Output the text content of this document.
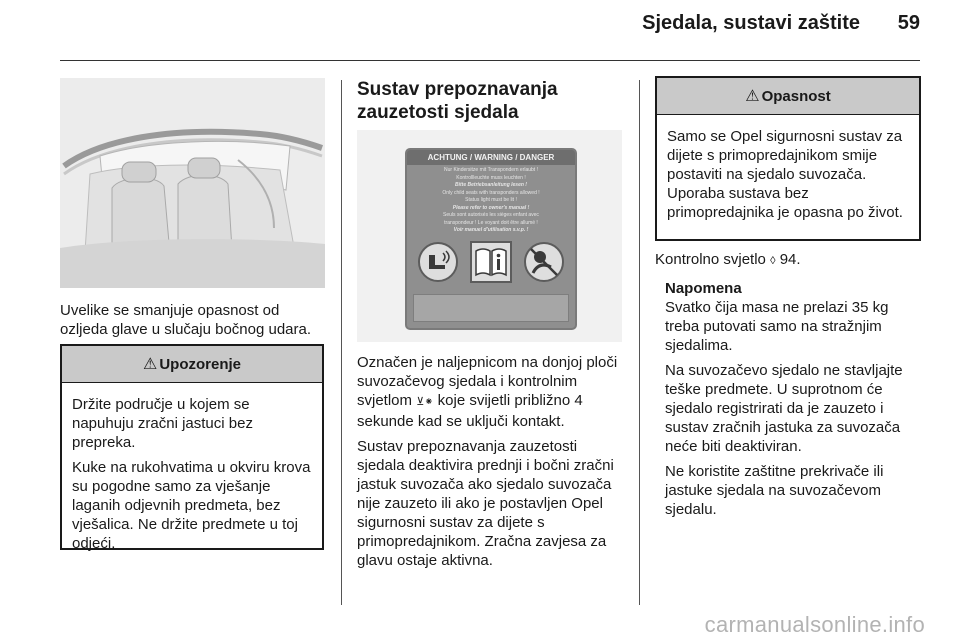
Sjedala, sustavi zaštite	59

Uvelike se smanjuje opasnost od ozljeda glave u slučaju bočnog udara.

⚠ Upozorenje

Držite područje u kojem se napuhuju zračni jastuci bez prepreka.

Kuke na rukohvatima u okviru krova su pogodne samo za vješanje laganih odjevnih predmeta, bez vješalica. Ne držite predmete u toj odjeći.

Sustav prepoznavanja zauzetosti sjedala
ACHTUNG / WARNING / DANGER
Nur Kindersitze mit Transpondern erlaubt !
Kontrollleuchte muss leuchten !
Bitte Betriebsanleitung lesen !
Only child seats with transponders allowed !
Status light must be lit !
Please refer to owner's manual !
Seuls sont autorisés les sièges enfant avec
transpondeur ! Le voyant doit être allumé !
Voir manuel d'utilisation s.v.p. !

Označen je naljepnicom na donjoj ploči suvozačevog sjedala i kontrolnim svjetlom ⊻⁕ koje svijetli približno 4 sekunde kad se uključi kontakt.

Sustav prepoznavanja zauzetosti sjedala deaktivira prednji i bočni zračni jastuk suvozača ako sjedalo suvozača nije zauzeto ili ako je postavljen Opel sigurnosni sustav za dijete s primopredajnikom. Zračna zavjesa za glavu ostaje aktivna.

⚠ Opasnost

Samo se Opel sigurnosni sustav za dijete s primopredajnikom smije postaviti na sjedalo suvozača. Uporaba sustava bez primopredajnika je opasna po život.

Kontrolno svjetlo ◊ 94.

Napomena

Svatko čija masa ne prelazi 35 kg treba putovati samo na stražnjim sjedalima.

Na suvozačevo sjedalo ne stavljajte teške predmete. U suprotnom će sjedalo registrirati da je zauzeto i sustav zračnih jastuka za suvozača neće biti deaktiviran.

Ne koristite zaštitne prekrivače ili jastuke sjedala na suvozačevom sjedalu.

carmanualsonline.info
